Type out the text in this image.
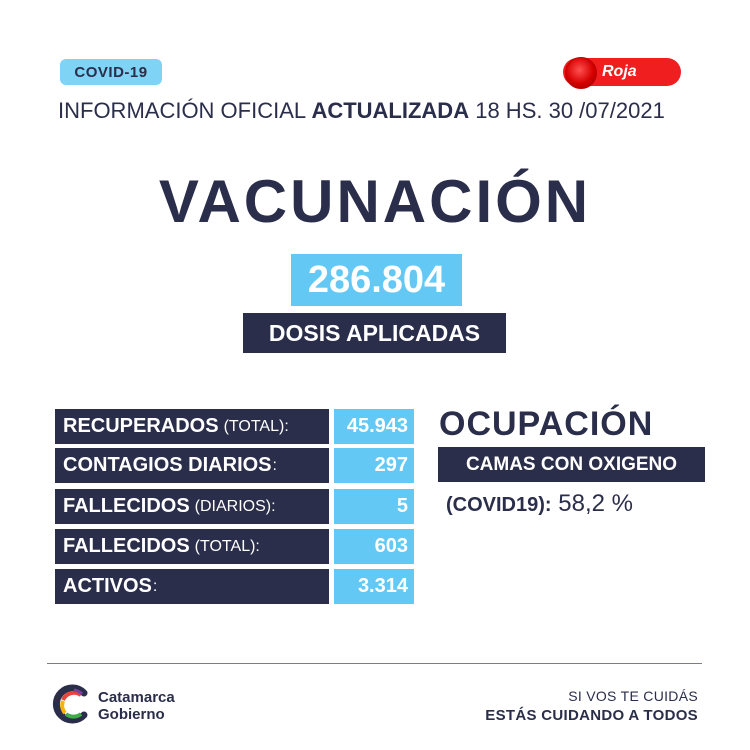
COVID-19	Roja
INFORMACIÓN OFICIAL ACTUALIZADA 18 HS. 30 /07/2021
VACUNACIÓN
286.804
DOSIS APLICADAS
RECUPERADOS (TOTAL):	45.943
CONTAGIOS DIARIOS :	297
FALLECIDOS (DIARIOS):	5
FALLECIDOS (TOTAL):	603
ACTIVOS :	3.314
OCUPACIÓN
CAMAS CON OXIGENO
(COVID19): 58,2 %
Catamarca
Gobierno
SI VOS TE CUIDÁS
ESTÁS CUIDANDO A TODOS
